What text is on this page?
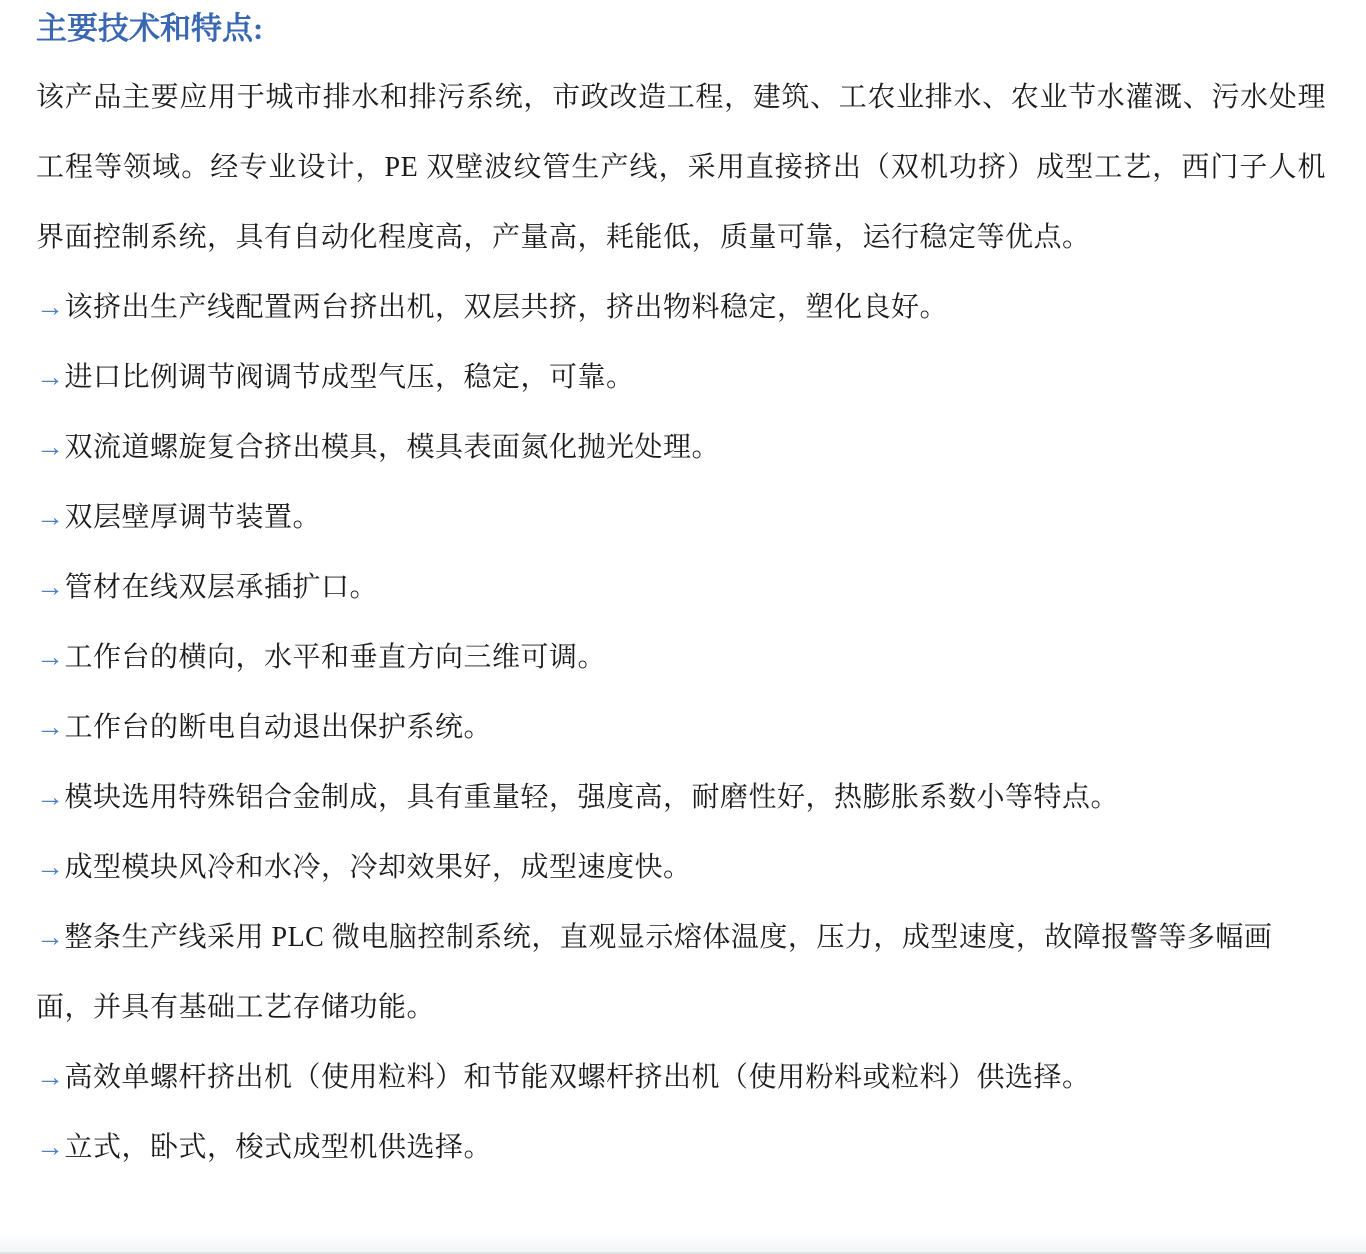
主要技术和特点:

该产品主要应用于城市排水和排污系统，市政改造工程，建筑、工农业排水、农业节水灌溉、污水处理工程等领域。经专业设计，PE 双壁波纹管生产线，采用直接挤出（双机功挤）成型工艺，西门子人机界面控制系统，具有自动化程度高，产量高，耗能低，质量可靠，运行稳定等优点。

→该挤出生产线配置两台挤出机，双层共挤，挤出物料稳定，塑化良好。

→进口比例调节阀调节成型气压，稳定，可靠。

→双流道螺旋复合挤出模具，模具表面氮化抛光处理。

→双层壁厚调节装置。

→管材在线双层承插扩口。

→工作台的横向，水平和垂直方向三维可调。

→工作台的断电自动退出保护系统。

→模块选用特殊铝合金制成，具有重量轻，强度高，耐磨性好，热膨胀系数小等特点。

→成型模块风冷和水冷，冷却效果好，成型速度快。

→整条生产线采用 PLC 微电脑控制系统，直观显示熔体温度，压力，成型速度，故障报警等多幅画面，并具有基础工艺存储功能。

→高效单螺杆挤出机（使用粒料）和节能双螺杆挤出机（使用粉料或粒料）供选择。

→立式，卧式，梭式成型机供选择。
